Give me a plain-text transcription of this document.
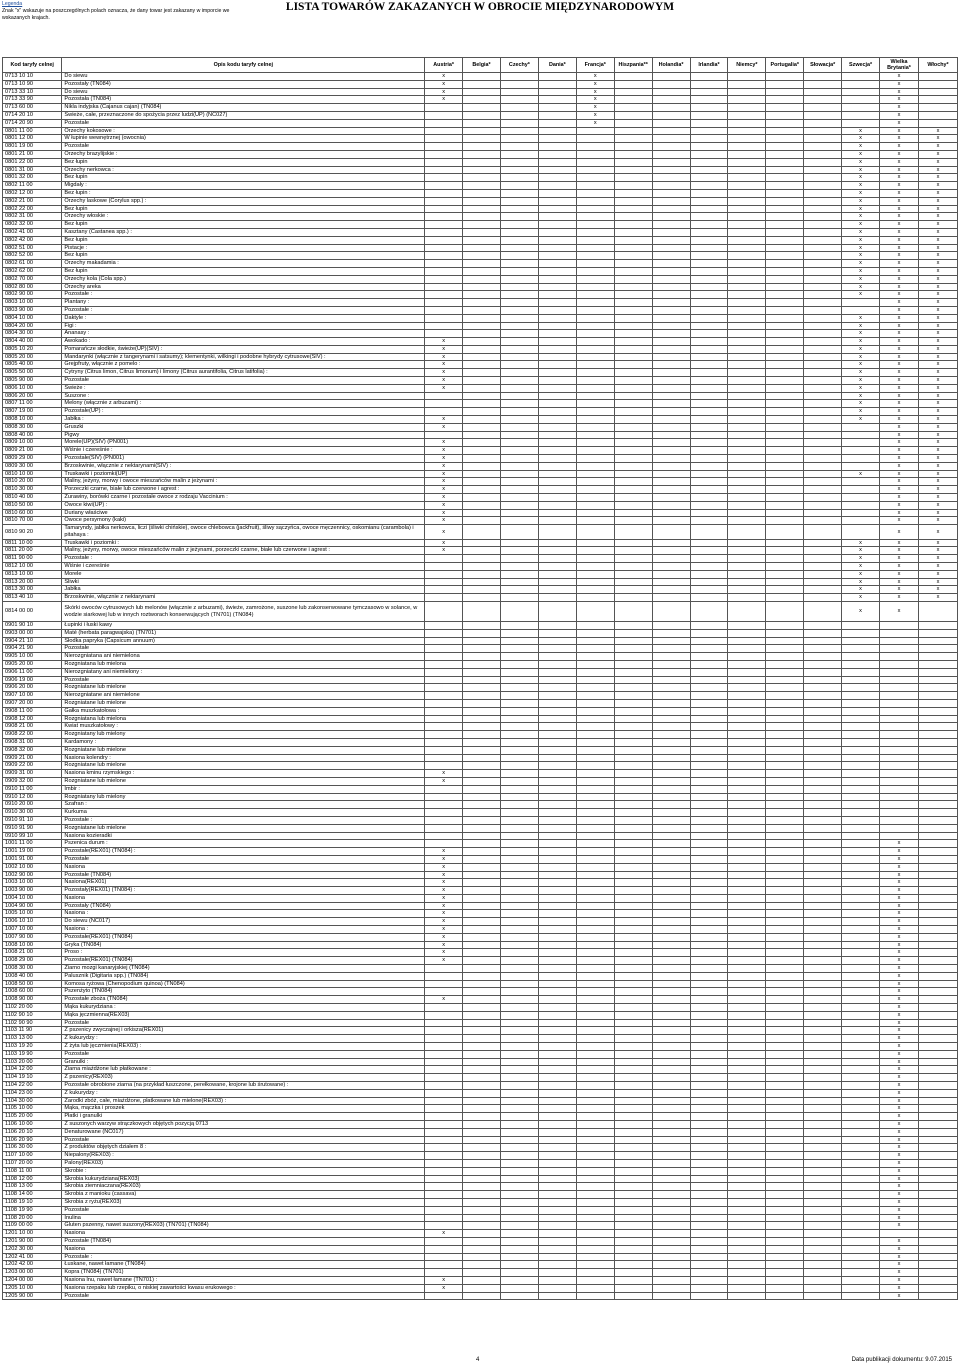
Legenda
Znak "x" wskazuje na poszczególnych polach oznacza, że dany towar jest zakazany w imporcie we wskazanych krajach.
LISTA TOWARÓW ZAKAZANYCH W OBROCIE MIĘDZYNARODOWYM
Kod taryfy celnej	Opis kodu taryfy celnej	Austria*	Belgia*	Czechy*	Dania*	Francja*	Hiszpania**	Holandia*	Irlandia*	Niemcy*	Portugalia*	Słowacja*	Szwecja*	Wielka Brytania*	Włochy*
0713 10 10	Do siewu	x				x								x	
0713 10 90	Pozostały (TN084)	x				x								x	
0713 33 10	Do siewu	x				x								x	
0713 33 90	Pozostała (TN084)	x				x								x	
0713 60 00	Nikla indyjska (Cajanus cajan) (TN084)					x								x	
0714 20 10	Świeże, całe, przeznaczone do spożycia przez ludzi(UP) (NC027)					x								x	
0714 20 90	Pozostałe					x								x	
0801 11 00	Orzechy kokosowe :												x	x	x
0801 12 00	W łupinie wewnętrznej (owocnia)												x	x	x
0801 19 00	Pozostałe												x	x	x
0801 21 00	Orzechy brazylijskie :												x	x	x
0801 22 00	Bez łupin												x	x	x
0801 31 00	Orzechy nerkowca :												x	x	x
0801 32 00	Bez łupin												x	x	x
0802 11 00	Migdały :												x	x	x
0802 12 00	Bez łupin :												x	x	x
0802 21 00	Orzechy laskowe (Corylus spp.) :												x	x	x
0802 22 00	Bez łupin												x	x	x
0802 31 00	Orzechy włoskie :												x	x	x
0802 32 00	Bez łupin												x	x	x
0802 41 00	Kasztany (Castanea spp.) :												x	x	x
0802 42 00	Bez łupin												x	x	x
0802 51 00	Pistacje :												x	x	x
0802 52 00	Bez łupin												x	x	x
0802 61 00	Orzechy makadamia :												x	x	x
0802 62 00	Bez łupin												x	x	x
0802 70 00	Orzechy kola (Cola spp.)												x	x	x
0802 80 00	Orzechy areka												x	x	x
0802 90 00	Pozostałe :												x	x	x
0803 10 00	Plantany :													x	x
0803 90 00	Pozostałe :													x	x
0804 10 00	Daktyle :												x	x	x
0804 20 00	Figi :												x	x	x
0804 30 00	Ananasy :												x	x	x
0804 40 00	Awokado :	x											x	x	x
0805 10 20	Pomarańcze słodkie, świeże(UP)(SIV) :	x											x	x	x
0805 20 00	Mandarynki (włącznie z tangerynami i satsumy); klementynki, wilkingi i podobne hybrydy cytrusowe(SIV) :	x											x	x	x
0805 40 00	Grejpfruty, włącznie z pomelo :	x											x	x	x
0805 50 00	Cytryny (Citrus limon, Citrus limonum) i limony (Citrus aurantifolia, Citrus latifolia) :	x											x	x	x
0805 90 00	Pozostałe	x											x	x	x
0806 10 00	Świeże :	x											x	x	x
0806 20 00	Suszone :												x	x	x
0807 11 00	Melony (włącznie z arbuzami) :												x	x	x
0807 19 00	Pozostałe(UP) :												x	x	x
0808 10 00	Jabłka :	x											x	x	x
0808 30 00	Gruszki	x												x	x
0808 40 00	Pigwy													x	x
0809 10 00	Morele(UP)(SIV) (PN001)	x												x	x
0809 21 00	Wiśnie i czereśnie :	x												x	x
0809 29 00	Pozostałe(SIV) (PN001)	x												x	x
0809 30 00	Brzoskwinie, włącznie z nektarynami(SIV) :	x												x	x
0810 10 00	Truskawki i poziomki(UP)	x											x	x	x
0810 20 00	Maliny, jeżyny, morwy i owoce mieszańców malin z jeżynami :	x												x	x
0810 30 00	Porzeczki czarne, białe lub czerwone i agrest :	x												x	x
0810 40 00	Żurawiny, borówki czarne i pozostałe owoce z rodzaju Vaccinium :	x												x	x
0810 50 00	Owoce kiwi(UP) :	x												x	x
0810 60 00	Duriany właściwe	x												x	x
0810 70 00	Owoce persymony (kaki)	x												x	x
0810 90 20	Tamaryndy, jabłka nerkowca, liczi (śliwki chińskie), owoce chlebowca (jackfruit), śliwy sączyńca, owoce męczennicy, oskomianu (carambola) i pitahaya :	x												x	x
0811 10 00	Truskawki i poziomki :	x											x	x	x
0811 20 00	Maliny, jeżyny, morwy, owoce mieszańców malin z jeżynami, porzeczki czarne, białe lub czerwone i agrest :	x											x	x	x
0811 90 00	Pozostałe :												x	x	x
0812 10 00	Wiśnie i czereśnie												x	x	x
0813 10 00	Morele												x	x	x
0813 20 00	Śliwki												x	x	x
0813 30 00	Jabłka												x	x	x
0813 40 10	Brzoskwinie, włącznie z nektarynami												x	x	x
0814 00 00	Skórki owoców cytrusowych lub melonów (włącznie z arbuzami), świeże, zamrożone, suszone lub zakonserwowane tymczasowo w solance, w wodzie siarkowej lub w innych roztworach konserwujących (TN701) (TN084)												x	x	
0901 90 10	Łupinki i łuski kawy														
0903 00 00	Maté (herbata paragwajska) (TN701)														
0904 21 10	Słodka papryka (Capsicum annuum)														
0904 21 90	Pozostałe														
0905 10 00	Nierozgniatana ani niemielona														
0905 20 00	Rozgniatana lub mielona														
0906 11 00	Nierozgniatany ani niemielony :														
0906 19 00	Pozostałe														
0906 20 00	Rozgniatane lub mielone														
0907 10 00	Nierozgniatane ani niemielone														
0907 20 00	Rozgniatane lub mielone														
0908 11 00	Gałka muszkatołowa :														
0908 12 00	Rozgniatana lub mielona														
0908 21 00	Kwiat muszkatołowy :														
0908 22 00	Rozgniatany lub mielony														
0908 31 00	Kardamony :														
0908 32 00	Rozgniatane lub mielone														
0909 21 00	Nasiona kolendry :														
0909 22 00	Rozgniatane lub mielone														
0909 31 00	Nasiona kminu rzymskiego :	x													
0909 32 00	Rozgniatane lub mielone	x													
0910 11 00	Imbir :														
0910 12 00	Rozgniatany lub mielony														
0910 20 00	Szafran :														
0910 30 00	Kurkuma														
0910 91 10	Pozostałe :														
0910 91 90	Rozgniatane lub mielone														
0910 99 10	Nasiona kozieradki														
1001 11 00	Pszenica durum :													x	
1001 19 00	Pozostałe(REX01) (TN084) :	x												x	
1001 91 00	Pozostałe	x												x	
1002 10 00	Nasiona	x												x	
1002 90 00	Pozostałe (TN084)	x												x	
1003 10 00	Nasiona(REX01)	x												x	
1003 90 00	Pozostały(REX01) (TN084) :	x												x	
1004 10 00	Nasiona	x												x	
1004 90 00	Pozostały (TN084)	x												x	
1005 10 00	Nasiona :	x												x	
1006 10 10	Do siewu (NC017)	x												x	
1007 10 00	Nasiona :	x												x	
1007 90 00	Pozostałe(REX01) (TN084)	x												x	
1008 10 00	Gryka (TN084)	x												x	
1008 21 00	Proso :	x												x	
1008 29 00	Pozostałe(REX01) (TN084)	x												x	
1008 30 00	Ziarno mozgi kanaryjskiej (TN084)													x	
1008 40 00	Palusznik (Digitaria spp.) (TN084)													x	
1008 50 00	Komosa ryżowa (Chenopodium quinoa) (TN084)													x	
1008 60 00	Pszenżyto (TN084)													x	
1008 90 00	Pozostałe zboża (TN084)	x												x	
1102 20 00	Mąka kukurydziana :													x	
1102 90 10	Mąka jęczmienna(REX03)													x	
1102 90 90	Pozostałe													x	
1103 11 90	Z pszenicy zwyczajnej i orkisza(REX01)													x	
1103 13 00	Z kukurydzy :													x	
1103 19 20	Z żyta lub jęczmienia(REX03) :													x	
1103 19 90	Pozostałe													x	
1103 20 00	Granulki :													x	
1104 12 00	Ziarna miażdżone lub płatkowane :													x	
1104 19 10	Z pszenicy(REX03)													x	
1104 22 00	Pozostałe obrobione ziarna (na przykład łuszczone, perełkowane, krojone lub śrutowane) :													x	
1104 23 00	Z kukurydzy :													x	
1104 30 00	Zarodki zbóż, całe, miażdżone, płatkowane lub mielone(REX03) :													x	
1105 10 00	Mąka, mączka i proszek													x	
1105 20 00	Płatki i granulki													x	
1106 10 00	Z suszonych warzyw strączkowych objętych pozycją 0713													x	
1106 20 10	Denaturowane (NC017)													x	
1106 20 90	Pozostałe													x	
1106 30 00	Z produktów objętych działem 8 :													x	
1107 10 00	Niepalony(REX03) :													x	
1107 20 00	Palony(REX03)													x	
1108 11 00	Skrobie :													x	
1108 12 00	Skrobia kukurydziana(REX03)													x	
1108 13 00	Skrobia ziemniaczana(REX03)													x	
1108 14 00	Skrobia z manioku (cassava)													x	
1108 19 10	Skrobia z ryżu(REX03)													x	
1108 19 90	Pozostałe													x	
1108 20 00	Inulina													x	
1109 00 00	Gluten pszenny, nawet suszony(REX03) (TN701) (TN084)													x	
1201 10 00	Nasiona	x													
1201 90 00	Pozostałe (TN084)													x	
1202 30 00	Nasiona													x	
1202 41 00	Pozostałe :													x	
1202 42 00	Łuskane, nawet łamane (TN084)													x	
1203 00 00	Kopra (TN084) (TN701)													x	
1204 00 00	Nasiona lnu, nawet łamane (TN701) :	x												x	
1205 10 00	Nasiona rzepaku lub rzepiku, o niskiej zawartości kwasu erukowego :	x												x	
1205 90 00	Pozostałe													x	
4	Data publikacji dokumentu: 9.07.2015
